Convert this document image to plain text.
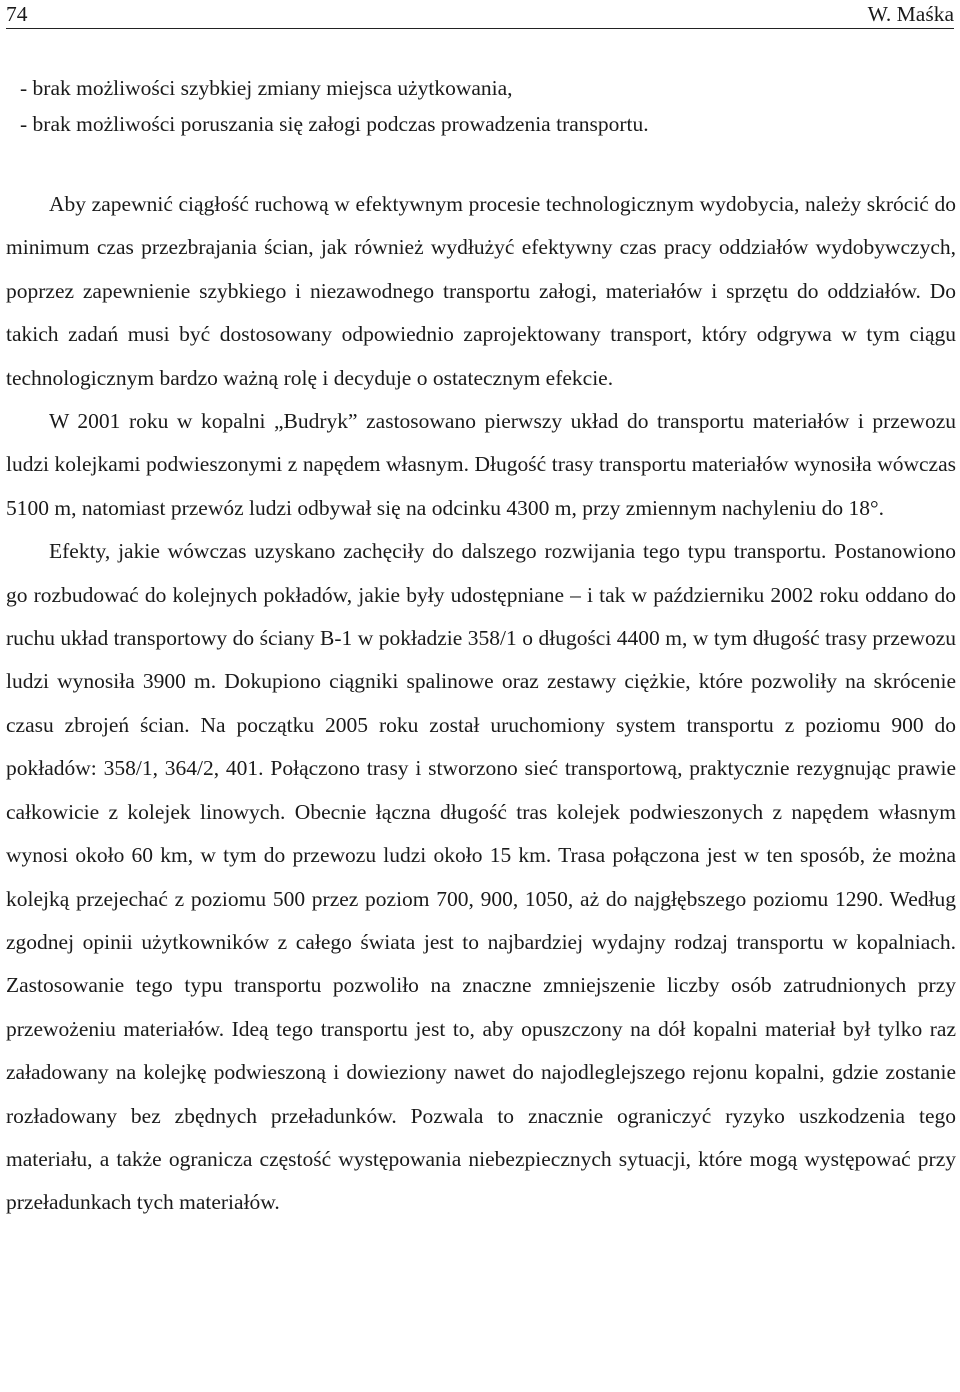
74	W. Maśka
- brak możliwości szybkiej zmiany miejsca użytkowania,
- brak możliwości poruszania się załogi podczas prowadzenia transportu.

Aby zapewnić ciągłość ruchową w efektywnym procesie technologicznym wydobycia, należy skrócić do minimum czas przezbrajania ścian, jak również wydłużyć efektywny czas pracy oddziałów wydobywczych, poprzez zapewnienie szybkiego i niezawodnego transportu załogi, materiałów i sprzętu do oddziałów. Do takich zadań musi być dostosowany odpowiednio zaprojektowany transport, który odgrywa w tym ciągu technologicznym bardzo ważną rolę i decyduje o ostatecznym efekcie.

W 2001 roku w kopalni „Budryk” zastosowano pierwszy układ do transportu materiałów i przewozu ludzi kolejkami podwieszonymi z napędem własnym. Długość trasy transportu materiałów wynosiła wówczas 5100 m, natomiast przewóz ludzi odbywał się na odcinku 4300 m, przy zmiennym nachyleniu do 18°.

Efekty, jakie wówczas uzyskano zachęciły do dalszego rozwijania tego typu transportu. Postanowiono go rozbudować do kolejnych pokładów, jakie były udostępniane – i tak w październiku 2002 roku oddano do ruchu układ transportowy do ściany B-1 w pokładzie 358/1 o długości 4400 m, w tym długość trasy przewozu ludzi wynosiła 3900 m. Dokupiono ciągniki spalinowe oraz zestawy ciężkie, które pozwoliły na skrócenie czasu zbrojeń ścian. Na początku 2005 roku został uruchomiony system transportu z poziomu 900 do pokładów: 358/1, 364/2, 401. Połączono trasy i stworzono sieć transportową, praktycznie rezygnując prawie całkowicie z kolejek linowych. Obecnie łączna długość tras kolejek podwieszonych z napędem własnym wynosi około 60 km, w tym do przewozu ludzi około 15 km. Trasa połączona jest w ten sposób, że można kolejką przejechać z poziomu 500 przez poziom 700, 900, 1050, aż do najgłębszego poziomu 1290. Według zgodnej opinii użytkowników z całego świata jest to najbardziej wydajny rodzaj transportu w kopalniach. Zastosowanie tego typu transportu pozwoliło na znaczne zmniejszenie liczby osób zatrudnionych przy przewożeniu materiałów. Ideą tego transportu jest to, aby opuszczony na dół kopalni materiał był tylko raz załadowany na kolejkę podwieszoną i dowieziony nawet do najodleglejszego rejonu kopalni, gdzie zostanie rozładowany bez zbędnych przeładunków. Pozwala to znacznie ograniczyć ryzyko uszkodzenia tego materiału, a także ogranicza częstość występowania niebezpiecznych sytuacji, które mogą występować przy przeładunkach tych materiałów.
